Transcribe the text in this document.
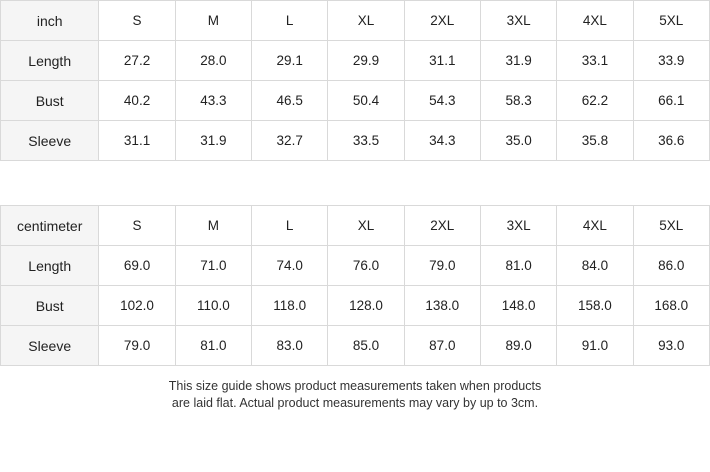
inch	S	M	L	XL	2XL	3XL	4XL	5XL
Length	27.2	28.0	29.1	29.9	31.1	31.9	33.1	33.9
Bust	40.2	43.3	46.5	50.4	54.3	58.3	62.2	66.1
Sleeve	31.1	31.9	32.7	33.5	34.3	35.0	35.8	36.6
centimeter	S	M	L	XL	2XL	3XL	4XL	5XL
Length	69.0	71.0	74.0	76.0	79.0	81.0	84.0	86.0
Bust	102.0	110.0	118.0	128.0	138.0	148.0	158.0	168.0
Sleeve	79.0	81.0	83.0	85.0	87.0	89.0	91.0	93.0
This size guide shows product measurements taken when products
are laid flat. Actual product measurements may vary by up to 3cm.
